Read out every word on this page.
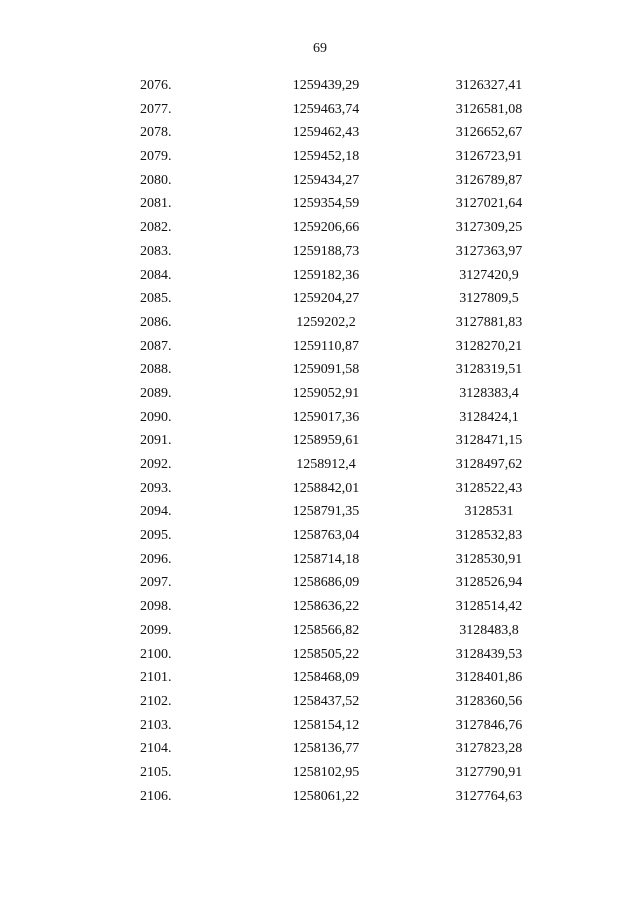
69
2076.	1259439,29	3126327,41
2077.	1259463,74	3126581,08
2078.	1259462,43	3126652,67
2079.	1259452,18	3126723,91
2080.	1259434,27	3126789,87
2081.	1259354,59	3127021,64
2082.	1259206,66	3127309,25
2083.	1259188,73	3127363,97
2084.	1259182,36	3127420,9
2085.	1259204,27	3127809,5
2086.	1259202,2	3127881,83
2087.	1259110,87	3128270,21
2088.	1259091,58	3128319,51
2089.	1259052,91	3128383,4
2090.	1259017,36	3128424,1
2091.	1258959,61	3128471,15
2092.	1258912,4	3128497,62
2093.	1258842,01	3128522,43
2094.	1258791,35	3128531
2095.	1258763,04	3128532,83
2096.	1258714,18	3128530,91
2097.	1258686,09	3128526,94
2098.	1258636,22	3128514,42
2099.	1258566,82	3128483,8
2100.	1258505,22	3128439,53
2101.	1258468,09	3128401,86
2102.	1258437,52	3128360,56
2103.	1258154,12	3127846,76
2104.	1258136,77	3127823,28
2105.	1258102,95	3127790,91
2106.	1258061,22	3127764,63
